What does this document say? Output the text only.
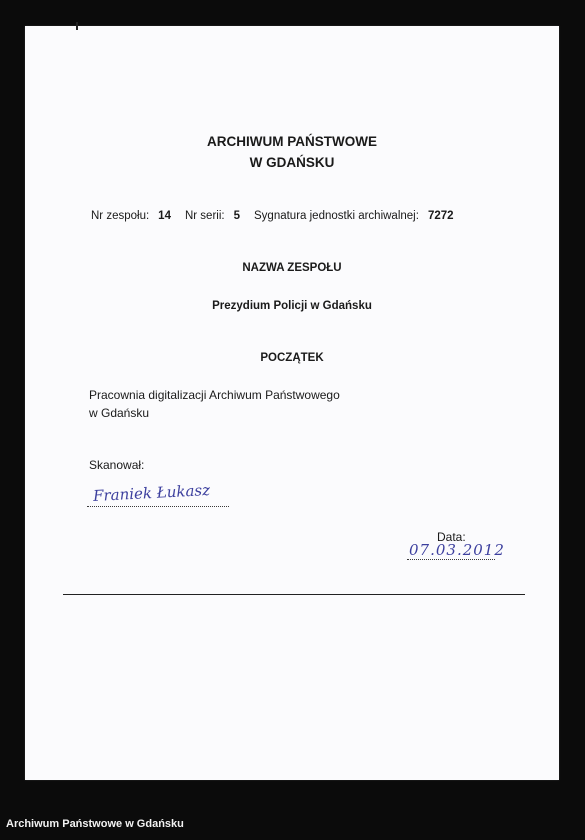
ARCHIWUM PAŃSTWOWE
W GDAŃSKU
Nr zespołu: 14 Nr serii: 5 Sygnatura jednostki archiwalnej: 7272
NAZWA ZESPOŁU
Prezydium Policji w Gdańsku
POCZĄTEK
Pracownia digitalizacji Archiwum Państwowego
w Gdańsku
Skanował:
Franiek Łukasz
Data:
07.03.2012
Archiwum Państwowe w Gdańsku
